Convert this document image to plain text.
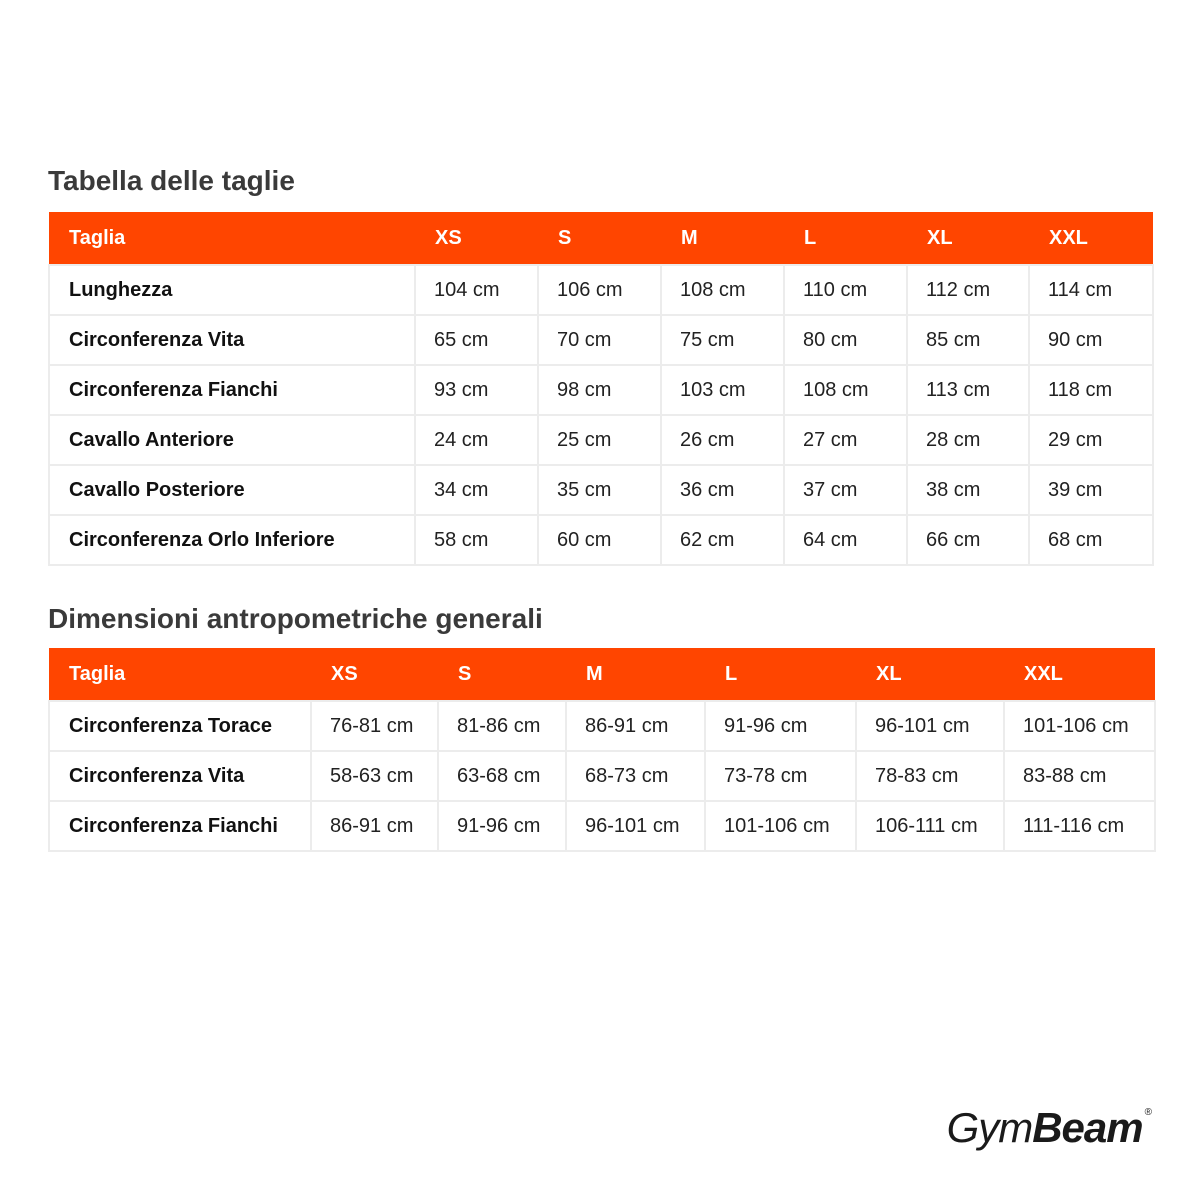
Tabella delle taglie
Taglia	XS	S	M	L	XL	XXL
Lunghezza	104 cm	106 cm	108 cm	110 cm	112 cm	114 cm
Circonferenza Vita	65 cm	70 cm	75 cm	80 cm	85 cm	90 cm
Circonferenza Fianchi	93 cm	98 cm	103 cm	108 cm	113 cm	118 cm
Cavallo Anteriore	24 cm	25 cm	26 cm	27 cm	28 cm	29 cm
Cavallo Posteriore	34 cm	35 cm	36 cm	37 cm	38 cm	39 cm
Circonferenza Orlo Inferiore	58 cm	60 cm	62 cm	64 cm	66 cm	68 cm
Dimensioni antropometriche generali
Taglia	XS	S	M	L	XL	XXL
Circonferenza Torace	76-81 cm	81-86 cm	86-91 cm	91-96 cm	96-101 cm	101-106 cm
Circonferenza Vita	58-63 cm	63-68 cm	68-73 cm	73-78 cm	78-83 cm	83-88 cm
Circonferenza Fianchi	86-91 cm	91-96 cm	96-101 cm	101-106 cm	106-111 cm	111-116 cm
Gym Beam ®
